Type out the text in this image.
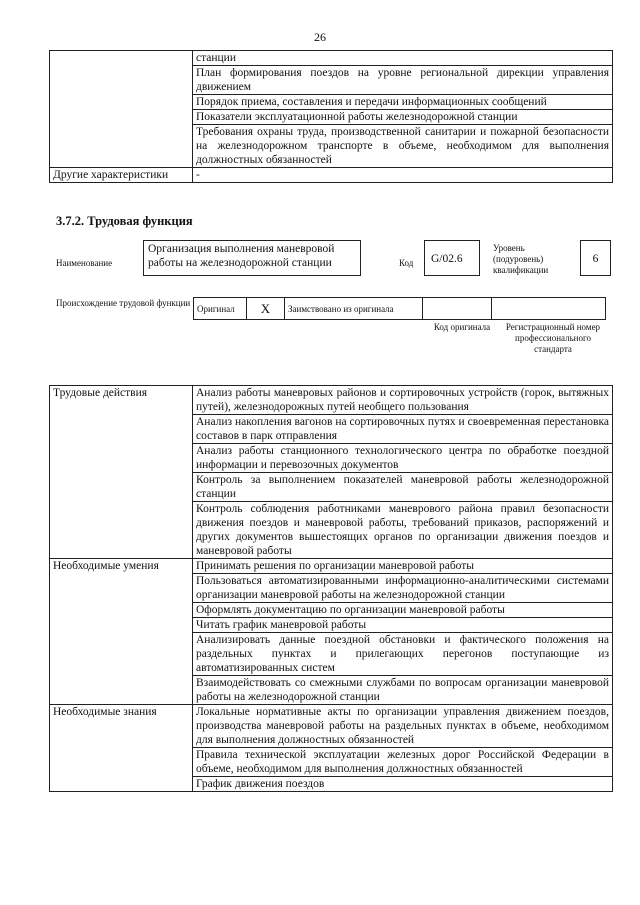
26
	станции
	План формирования поездов на уровне региональной дирекции управления движением
	Порядок приема, составления и передачи информационных сообщений
	Показатели эксплуатационной работы железнодорожной станции
	Требования охраны труда, производственной санитарии и пожарной безопасности на железнодорожном транспорте в объеме, необходимом для выполнения должностных обязанностей
Другие характеристики	-
3.7.2. Трудовая функция
Наименование
Организация выполнения маневровой работы на железнодорожной станции	Код	G/02.6
Уровень (подуровень) квалификации
6
Происхождение трудовой функции
Оригинал	X	Заимствовано из оригинала		
Код оригинала	Регистрационный номер профессионального стандарта
Трудовые действия	Анализ работы маневровых районов и сортировочных устройств (горок, вытяжных путей), железнодорожных путей необщего пользования
	Анализ накопления вагонов на сортировочных путях и своевременная перестановка составов в парк отправления
	Анализ работы станционного технологического центра по обработке поездной информации и перевозочных документов
	Контроль за выполнением показателей маневровой работы железнодорожной станции
	Контроль соблюдения работниками маневрового района правил безопасности движения поездов и маневровой работы, требований приказов, распоряжений и других документов вышестоящих органов по организации движения поездов и маневровой работы
Необходимые умения	Принимать решения по организации маневровой работы
	Пользоваться автоматизированными информационно-аналитическими системами организации маневровой работы на железнодорожной станции
	Оформлять документацию по организации маневровой работы
	Читать график маневровой работы
	Анализировать данные поездной обстановки и фактического положения на раздельных пунктах и прилегающих перегонов поступающие из автоматизированных систем
	Взаимодействовать со смежными службами по вопросам организации маневровой работы на железнодорожной станции
Необходимые знания	Локальные нормативные акты по организации управления движением поездов, производства маневровой работы на раздельных пунктах в объеме, необходимом для выполнения должностных обязанностей
	Правила технической эксплуатации железных дорог Российской Федерации в объеме, необходимом для выполнения должностных обязанностей
	График движения поездов
